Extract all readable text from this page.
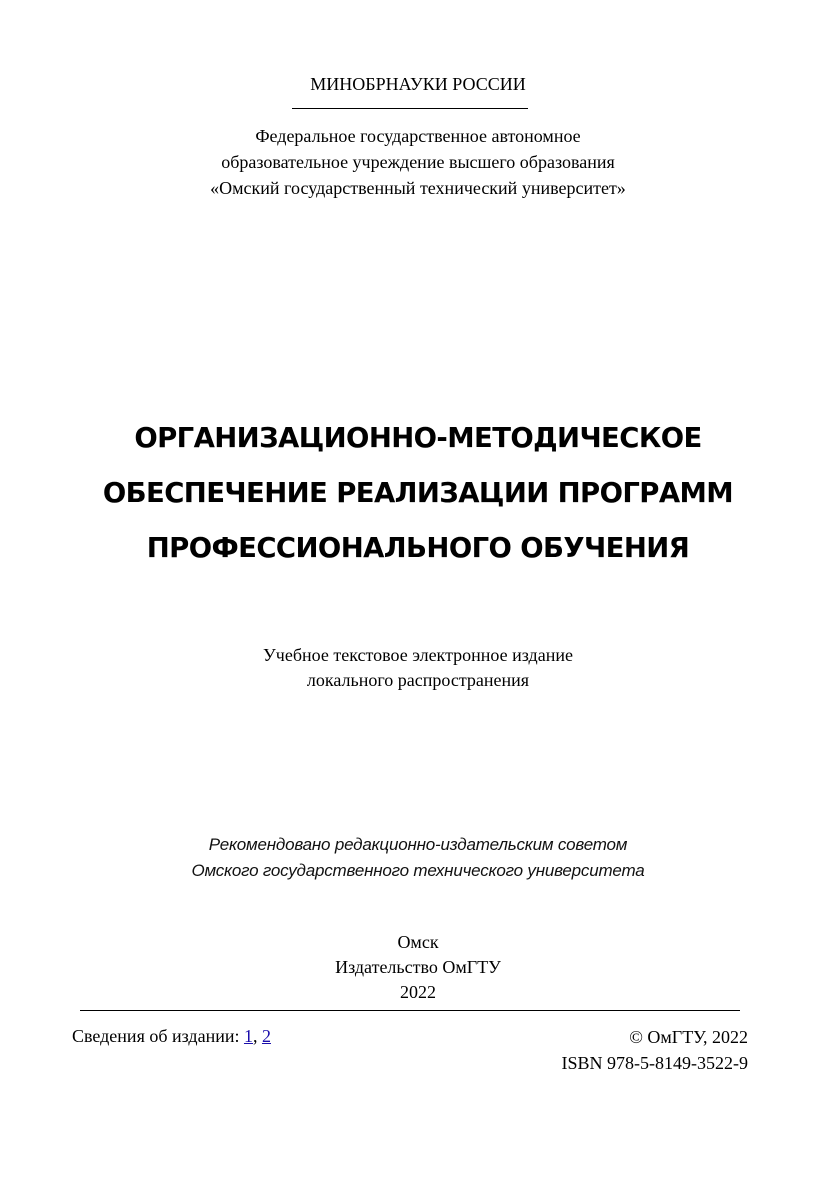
МИНОБРНАУКИ РОССИИ
Федеральное государственное автономное
образовательное учреждение высшего образования
«Омский государственный технический университет»
ОРГАНИЗАЦИОННО-МЕТОДИЧЕСКОЕ
ОБЕСПЕЧЕНИЕ РЕАЛИЗАЦИИ ПРОГРАММ
ПРОФЕССИОНАЛЬНОГО ОБУЧЕНИЯ
Учебное текстовое электронное издание
локального распространения
Рекомендовано редакционно-издательским советом
Омского государственного технического университета
Омск
Издательство ОмГТУ
2022
Сведения об издании: 1, 2	© ОмГТУ, 2022
ISBN 978-5-8149-3522-9
